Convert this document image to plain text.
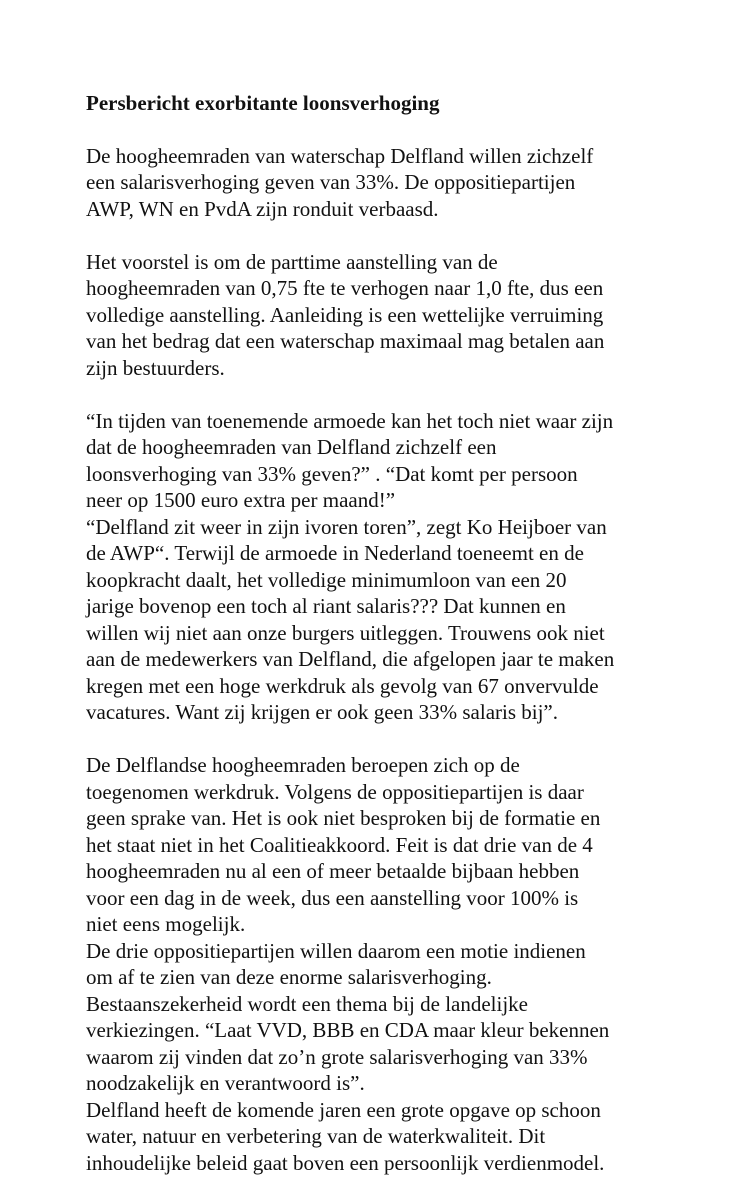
Persbericht exorbitante loonsverhoging
De hoogheemraden van waterschap Delfland willen zichzelf
een salarisverhoging geven van 33%. De oppositiepartijen
AWP, WN en PvdA zijn ronduit verbaasd.
Het voorstel is om de parttime aanstelling van de
hoogheemraden van 0,75 fte te verhogen naar 1,0 fte, dus een
volledige aanstelling. Aanleiding is een wettelijke verruiming
van het bedrag dat een waterschap maximaal mag betalen aan
zijn bestuurders.
“In tijden van toenemende armoede kan het toch niet waar zijn
dat de hoogheemraden van Delfland zichzelf een
loonsverhoging van 33% geven?” . “Dat komt per persoon
neer op 1500 euro extra per maand!”
“Delfland zit weer in zijn ivoren toren”, zegt Ko Heijboer van
de AWP“. Terwijl de armoede in Nederland toeneemt en de
koopkracht daalt, het volledige minimumloon van een 20
jarige bovenop een toch al riant salaris??? Dat kunnen en
willen wij niet aan onze burgers uitleggen. Trouwens ook niet
aan de medewerkers van Delfland, die afgelopen jaar te maken
kregen met een hoge werkdruk als gevolg van 67 onvervulde
vacatures. Want zij krijgen er ook geen 33% salaris bij”.
De Delflandse hoogheemraden beroepen zich op de
toegenomen werkdruk. Volgens de oppositiepartijen is daar
geen sprake van. Het is ook niet besproken bij de formatie en
het staat niet in het Coalitieakkoord. Feit is dat drie van de 4
hoogheemraden nu al een of meer betaalde bijbaan hebben
voor een dag in de week, dus een aanstelling voor 100% is
niet eens mogelijk.
De drie oppositiepartijen willen daarom een motie indienen
om af te zien van deze enorme salarisverhoging.
Bestaanszekerheid wordt een thema bij de landelijke
verkiezingen. “Laat VVD, BBB en CDA maar kleur bekennen
waarom zij vinden dat zo’n grote salarisverhoging van 33%
noodzakelijk en verantwoord is”.
Delfland heeft de komende jaren een grote opgave op schoon
water, natuur en verbetering van de waterkwaliteit. Dit
inhoudelijke beleid gaat boven een persoonlijk verdienmodel.
